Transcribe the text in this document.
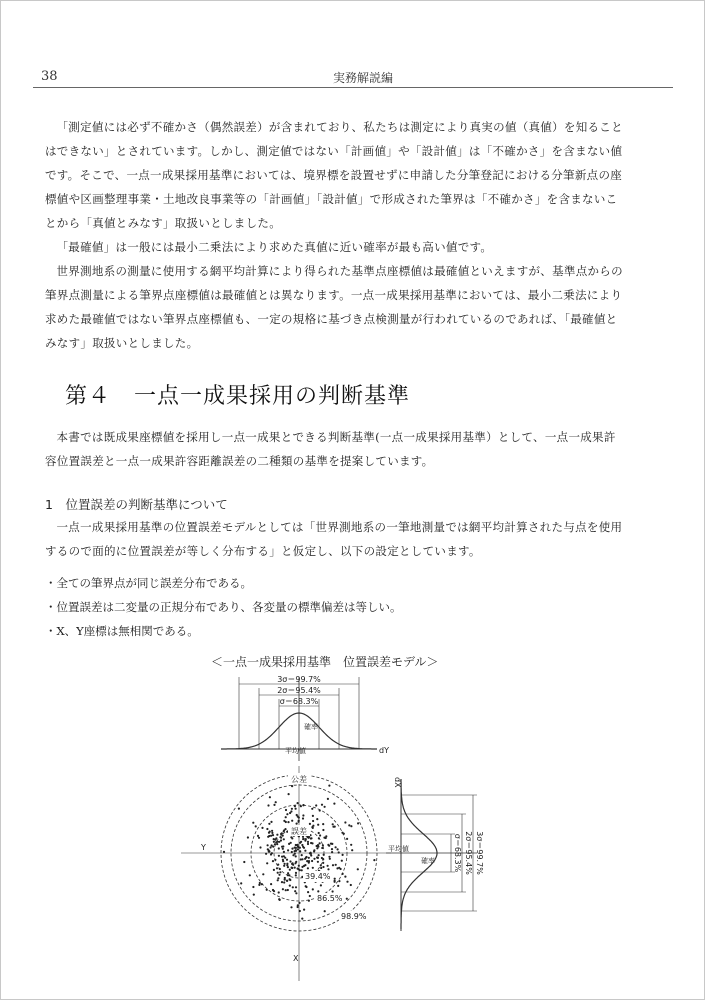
38	実務解説編

「測定値には必ず不確かさ（偶然誤差）が含まれており、私たちは測定により真実の値（真値）を知ることはできない」とされています。しかし、測定値ではない「計画値」や「設計値」は「不確かさ」を含まない値です。そこで、一点一成果採用基準においては、境界標を設置せずに申請した分筆登記における分筆新点の座標値や区画整理事業・土地改良事業等の「計画値」「設計値」で形成された筆界は「不確かさ」を含まないことから「真値とみなす」取扱いとしました。

「最確値」は一般には最小二乗法により求めた真値に近い確率が最も高い値です。

世界測地系の測量に使用する網平均計算により得られた基準点座標値は最確値といえますが、基準点からの筆界点測量による筆界点座標値は最確値とは異なります。一点一成果採用基準においては、最小二乗法により求めた最確値ではない筆界点座標値も、一定の規格に基づき点検測量が行われているのであれば、「最確値とみなす」取扱いとしました。

第４　一点一成果採用の判断基準

本書では既成果座標値を採用し一点一成果とできる判断基準(一点一成果採用基準）として、一点一成果許容位置誤差と一点一成果許容距離誤差の二種類の基準を提案しています。

1　位置誤差の判断基準について

一点一成果採用基準の位置誤差モデルとしては「世界測地系の一筆地測量では網平均計算された与点を使用するので面的に位置誤差が等しく分布する」と仮定し、以下の設定としています。

・全ての筆界点が同じ誤差分布である。
・位置誤差は二変量の正規分布であり、各変量の標準偏差は等しい。
・X、Y座標は無相関である。
＜一点一成果採用基準　位置誤差モデル＞
3σ＝99.7%
2σ＝95.4%
σ＝68.3%
確率
平均値	dY
公差
誤差
Y
X
39.4%
86.5%
98.9%
3σ＝99.7%
2σ＝95.4%
σ＝68.3%
平均値
確率
dX
